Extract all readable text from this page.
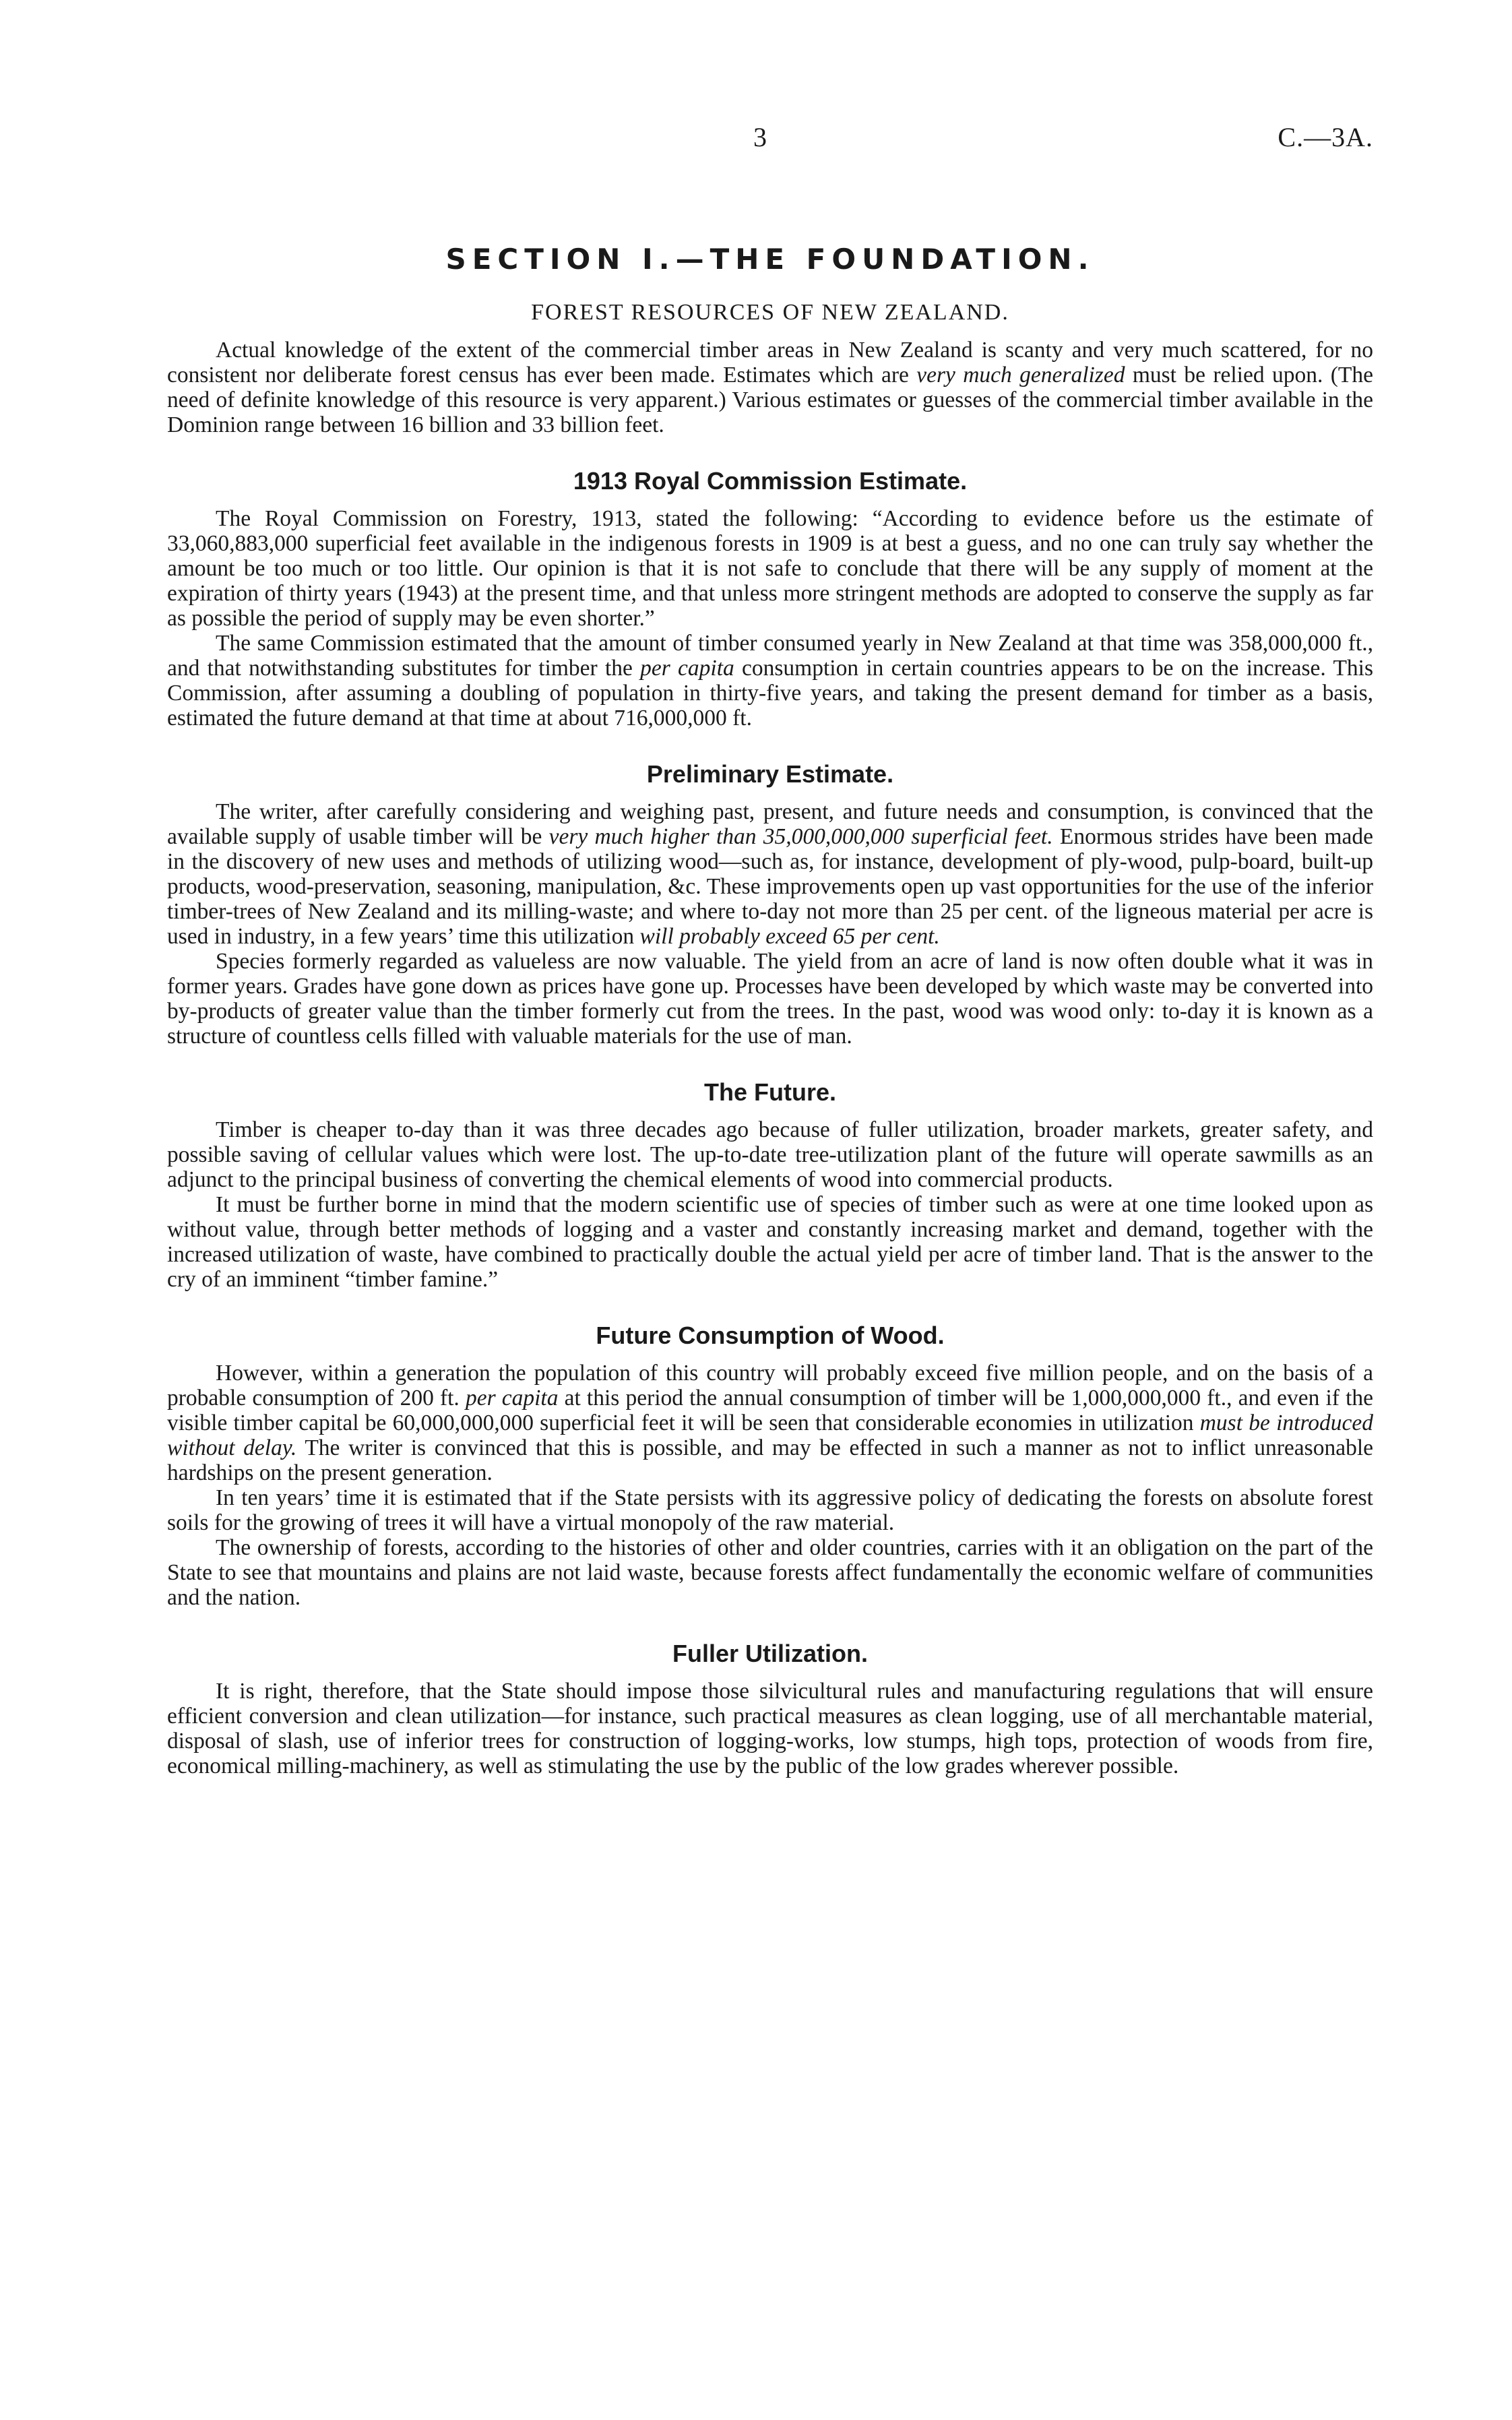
3	C.—3A.
SECTION I.—THE FOUNDATION.
FOREST RESOURCES OF NEW ZEALAND.

Actual knowledge of the extent of the commercial timber areas in New Zealand is scanty and very much scattered, for no consistent nor deliberate forest census has ever been made. Estimates which are very much generalized must be relied upon. (The need of definite knowledge of this resource is very apparent.) Various estimates or guesses of the commercial timber available in the Dominion range between 16 billion and 33 billion feet.

1913 Royal Commission Estimate.

The Royal Commission on Forestry, 1913, stated the following: “According to evidence before us the estimate of 33,060,883,000 superficial feet available in the indigenous forests in 1909 is at best a guess, and no one can truly say whether the amount be too much or too little. Our opinion is that it is not safe to conclude that there will be any supply of moment at the expiration of thirty years (1943) at the present time, and that unless more stringent methods are adopted to conserve the supply as far as possible the period of supply may be even shorter.”

The same Commission estimated that the amount of timber consumed yearly in New Zealand at that time was 358,000,000 ft., and that notwithstanding substitutes for timber the per capita consumption in certain countries appears to be on the increase. This Commission, after assuming a doubling of population in thirty-five years, and taking the present demand for timber as a basis, estimated the future demand at that time at about 716,000,000 ft.

Preliminary Estimate.

The writer, after carefully considering and weighing past, present, and future needs and consumption, is convinced that the available supply of usable timber will be very much higher than 35,000,000,000 superficial feet. Enormous strides have been made in the discovery of new uses and methods of utilizing wood—such as, for instance, development of ply-wood, pulp-board, built-up products, wood-preservation, seasoning, manipulation, &c. These improvements open up vast opportunities for the use of the inferior timber-trees of New Zealand and its milling-waste; and where to-day not more than 25 per cent. of the ligneous material per acre is used in industry, in a few years’ time this utilization will probably exceed 65 per cent.

Species formerly regarded as valueless are now valuable. The yield from an acre of land is now often double what it was in former years. Grades have gone down as prices have gone up. Processes have been developed by which waste may be converted into by-products of greater value than the timber formerly cut from the trees. In the past, wood was wood only: to-day it is known as a structure of countless cells filled with valuable materials for the use of man.

The Future.

Timber is cheaper to-day than it was three decades ago because of fuller utilization, broader markets, greater safety, and possible saving of cellular values which were lost. The up-to-date tree-utilization plant of the future will operate sawmills as an adjunct to the principal business of converting the chemical elements of wood into commercial products.

It must be further borne in mind that the modern scientific use of species of timber such as were at one time looked upon as without value, through better methods of logging and a vaster and constantly increasing market and demand, together with the increased utilization of waste, have combined to practically double the actual yield per acre of timber land. That is the answer to the cry of an imminent “timber famine.”

Future Consumption of Wood.

However, within a generation the population of this country will probably exceed five million people, and on the basis of a probable consumption of 200 ft. per capita at this period the annual consumption of timber will be 1,000,000,000 ft., and even if the visible timber capital be 60,000,000,000 superficial feet it will be seen that considerable economies in utilization must be introduced without delay. The writer is convinced that this is possible, and may be effected in such a manner as not to inflict unreasonable hardships on the present generation.

In ten years’ time it is estimated that if the State persists with its aggressive policy of dedicating the forests on absolute forest soils for the growing of trees it will have a virtual monopoly of the raw material.

The ownership of forests, according to the histories of other and older countries, carries with it an obligation on the part of the State to see that mountains and plains are not laid waste, because forests affect fundamentally the economic welfare of communities and the nation.

Fuller Utilization.

It is right, therefore, that the State should impose those silvicultural rules and manufacturing regulations that will ensure efficient conversion and clean utilization—for instance, such practical measures as clean logging, use of all merchantable material, disposal of slash, use of inferior trees for construction of logging-works, low stumps, high tops, protection of woods from fire, economical milling-machinery, as well as stimulating the use by the public of the low grades wherever possible.
